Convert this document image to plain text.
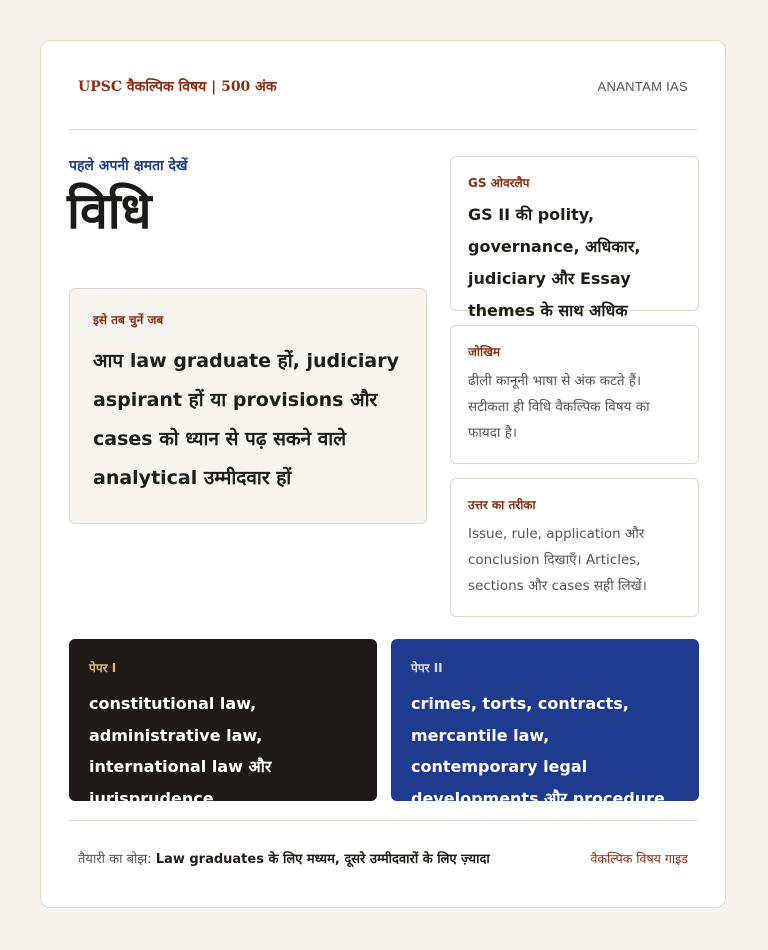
UPSC वैकल्पिक विषय | 500 अंक	ANANTAM IAS
पहले अपनी क्षमता देखें
विधि
इसे तब चुनें जब
आप law graduate हों, judiciary aspirant हों या provisions और cases को ध्यान से पढ़ सकने वाले analytical उम्मीदवार हों
GS ओवरलैप
GS II की polity, governance, अधिकार, judiciary और Essay themes के साथ अधिक
जोखिम
ढीली कानूनी भाषा से अंक कटते हैं। सटीकता ही विधि वैकल्पिक विषय का फायदा है।
उत्तर का तरीका
Issue, rule, application और conclusion दिखाएँ। Articles, sections और cases सही लिखें।
पेपर I
constitutional law, administrative law, international law और jurisprudence
पेपर II
crimes, torts, contracts, mercantile law, contemporary legal developments और procedure
तैयारी का बोझ: Law graduates के लिए मध्यम, दूसरे उम्मीदवारों के लिए ज़्यादा	वैकल्पिक विषय गाइड
